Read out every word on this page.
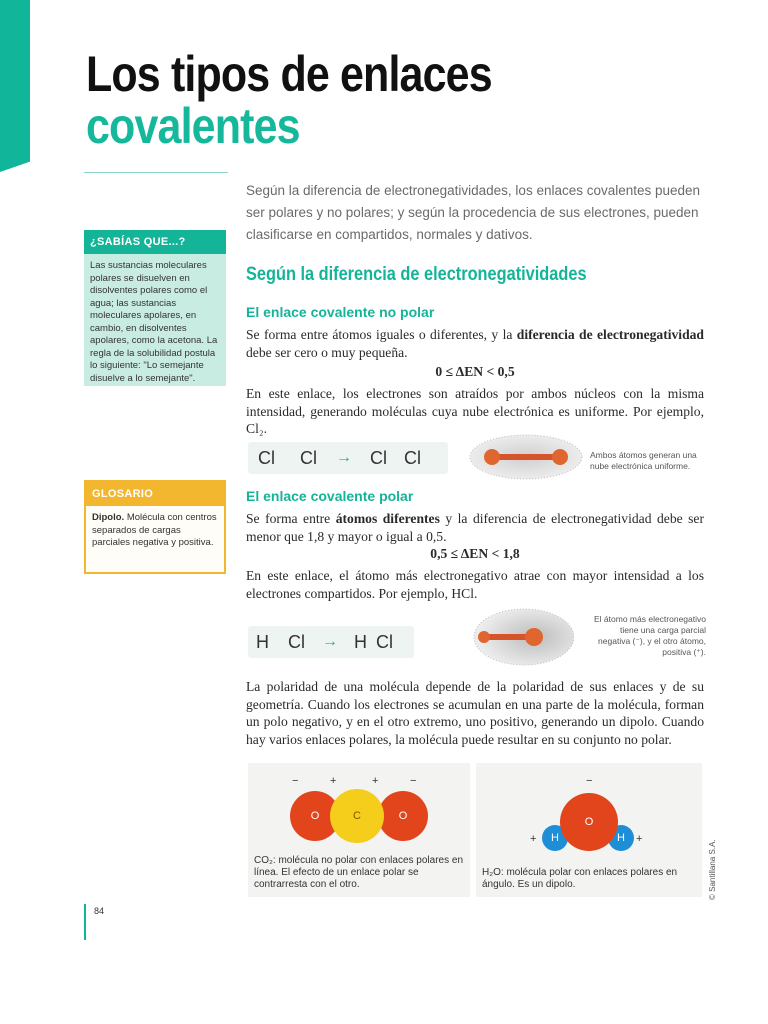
Los tipos de enlaces
covalentes

Según la diferencia de electronegatividades, los enlaces covalentes pueden ser polares y no polares; y según la procedencia de sus electrones, pueden clasificarse en compartidos, normales y dativos.

¿SABÍAS QUE...?
Las sustancias moleculares polares se disuelven en disolventes polares como el agua; las sustancias moleculares apolares, en cambio, en disolventes apolares, como la acetona. La regla de la solubilidad postula lo siguiente: "Lo semejante disuelve a lo semejante".
GLOSARIO
Dipolo. Molécula con centros separados de cargas parciales negativa y positiva.
Según la diferencia de electronegatividades
El enlace covalente no polar

Se forma entre átomos iguales o diferentes, y la diferencia de electronegatividad debe ser cero o muy pequeña.

0 ≤ ΔEN < 0,5

En este enlace, los electrones son atraídos por ambos núcleos con la misma intensidad, generando moléculas cuya nube electrónica es uniforme. Por ejemplo, Cl₂.

Cl Cl → Cl Cl	Ambos átomos generan una nube electrónica uniforme.
El enlace covalente polar

Se forma entre átomos diferentes y la diferencia de electronegatividad debe ser menor que 1,8 y mayor o igual a 0,5.

0,5 ≤ ΔEN < 1,8

En este enlace, el átomo más electronegativo atrae con mayor intensidad a los electrones compartidos. Por ejemplo, HCl.

H Cl → H Cl
El átomo más electronegativo tiene una carga parcial negativa (⁻), y el otro átomo, positiva (⁺).

La polaridad de una molécula depende de la polaridad de sus enlaces y de su geometría. Cuando los electrones se acumulan en una parte de la molécula, forman un polo negativo, y en el otro extremo, uno positivo, generando un dipolo. Cuando hay varios enlaces polares, la molécula puede resultar en su conjunto no polar.

−	+	+	−
O	O
C
CO₂: molécula no polar con enlaces polares en línea. El efecto de un enlace polar se contrarresta con el otro.
−
+	+
H	H
O
H₂O: molécula polar con enlaces polares en ángulo. Es un dipolo.	© Santillana S.A.
84
